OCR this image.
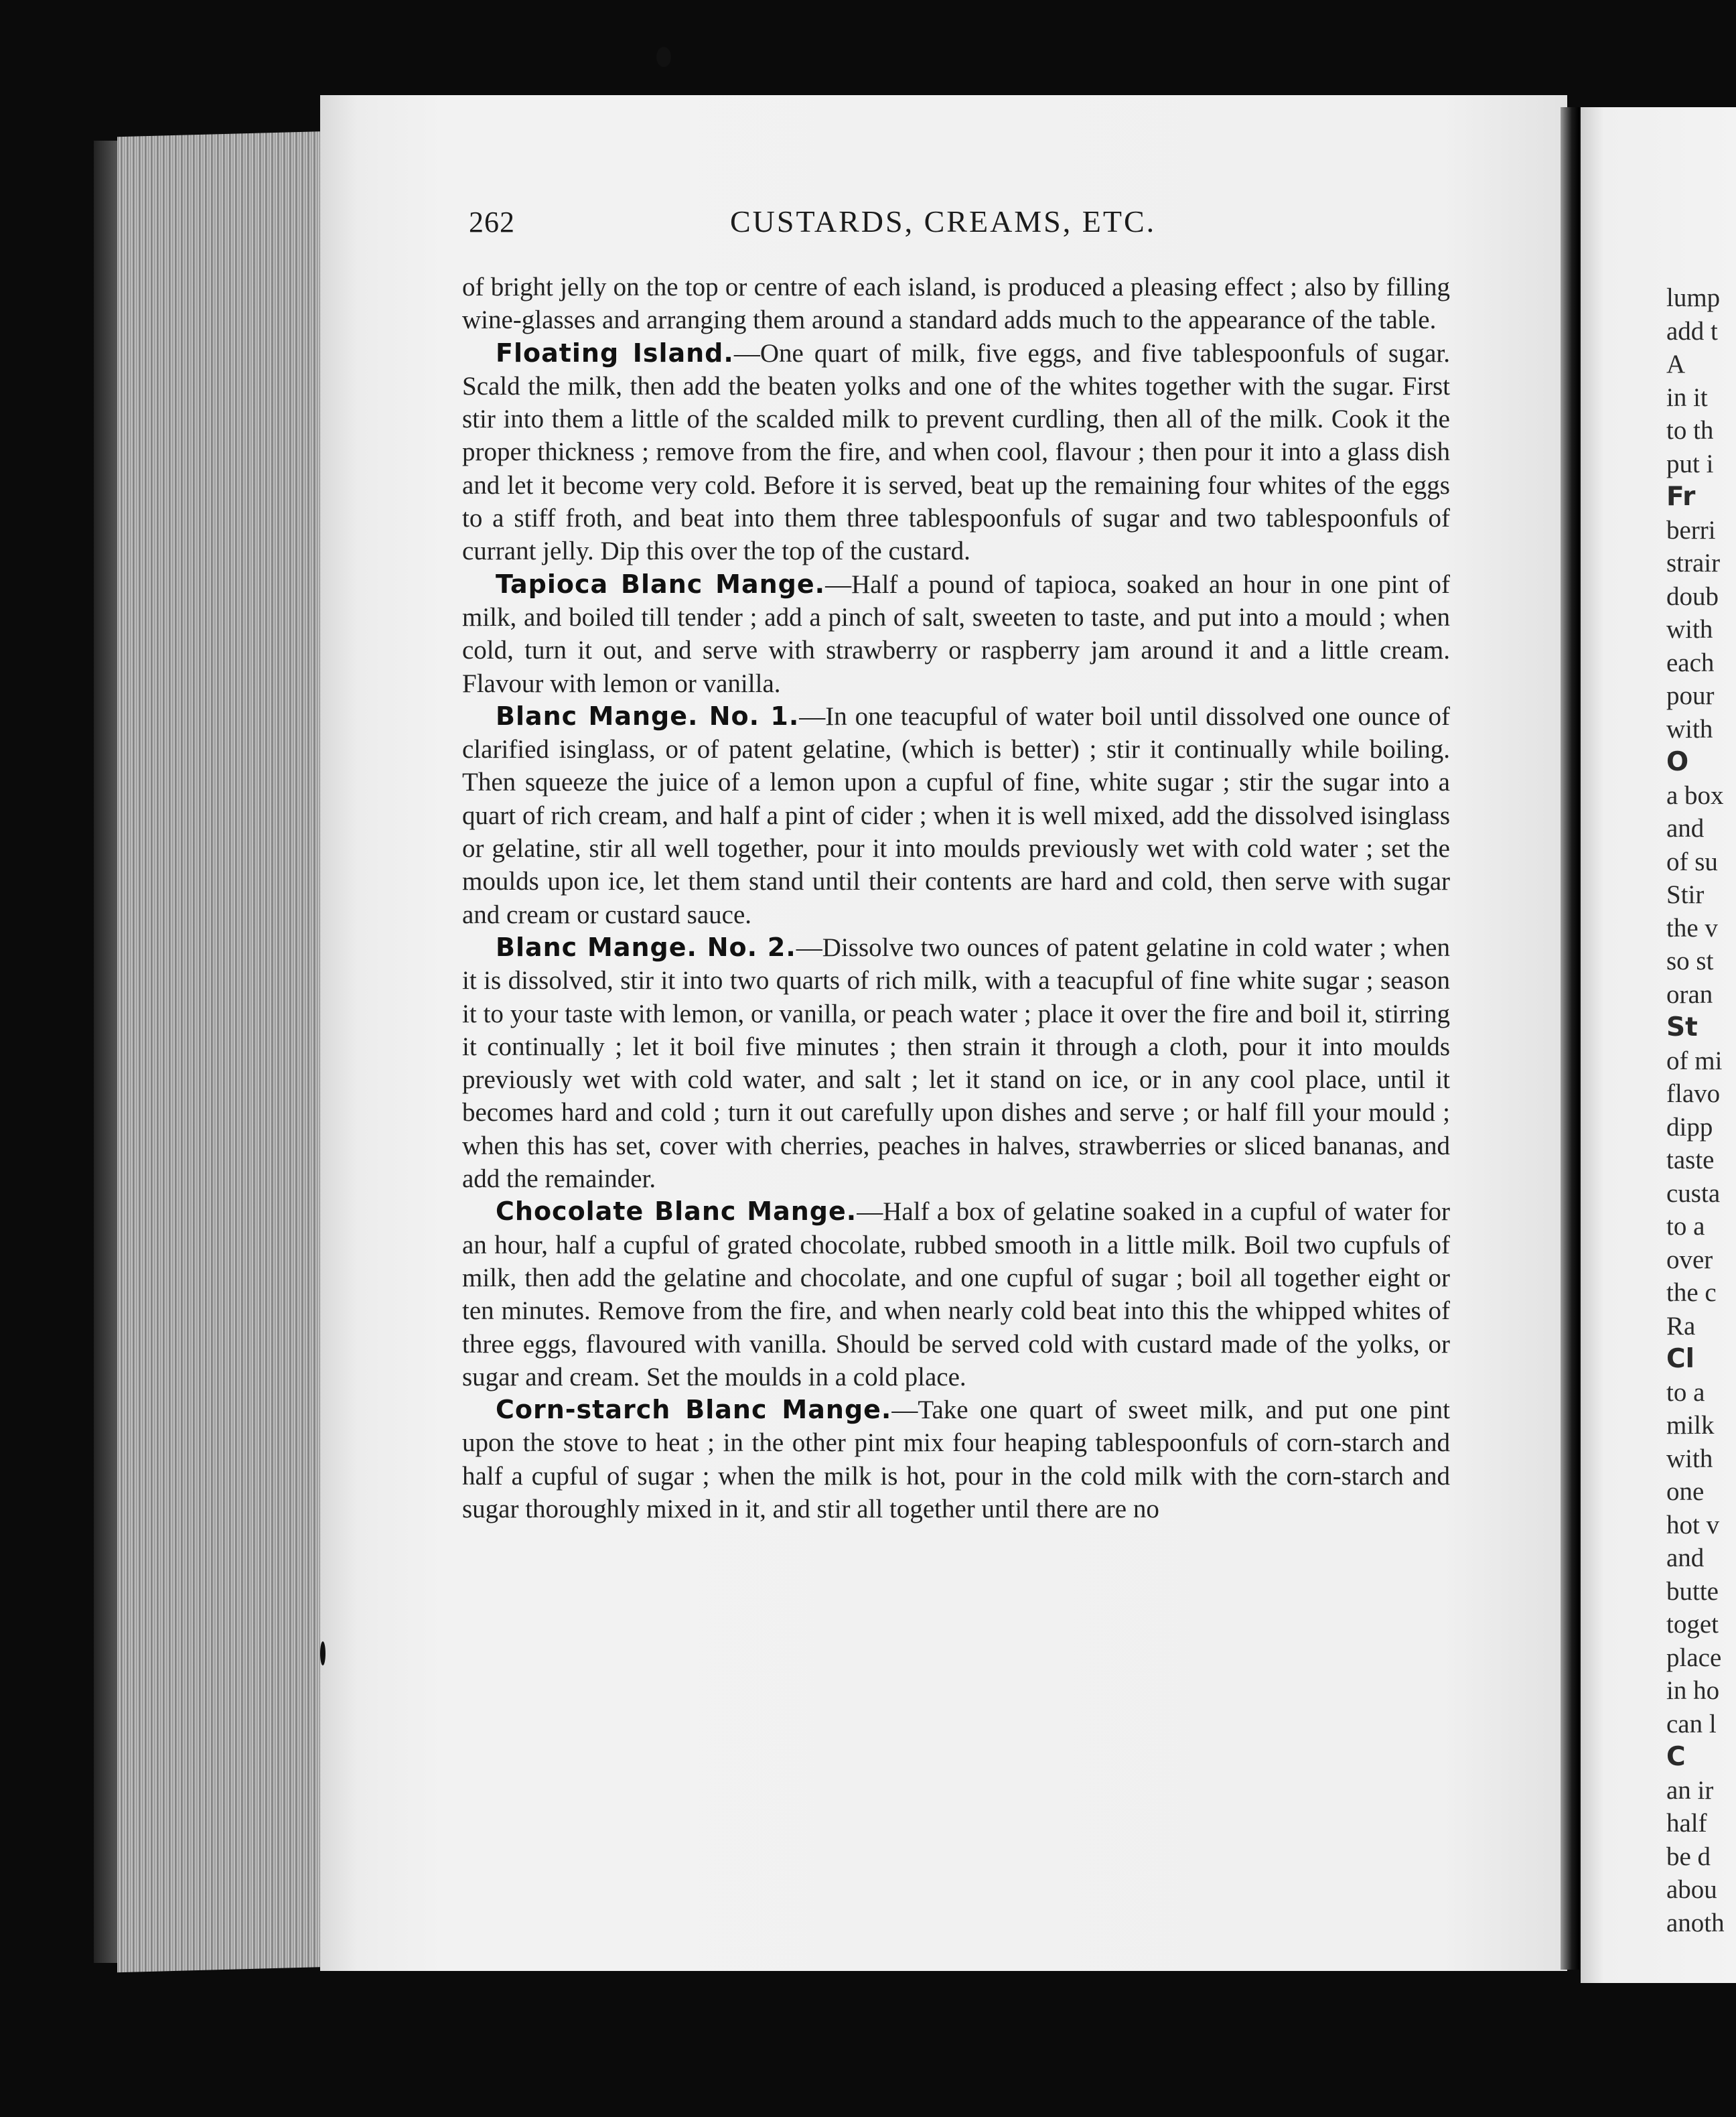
lump
add t
A
in it
to th
put i
Fr
berri
strair
doub
with
each
pour
with
O
a box
and
of su
Stir
the v
so st
oran
St
of mi
flavo
dipp
taste
custa
to a
over
the c
Ra
Cl
to a
milk
with
one
hot v
and
butte
toget
place
in ho
can l
C
an ir
half
be d
abou
anoth
262	CUSTARDS, CREAMS, ETC.

of bright jelly on the top or centre of each island, is produced a pleasing effect ; also by filling wine-glasses and arranging them around a standard adds much to the appearance of the table.

Floating Island.—One quart of milk, five eggs, and five tablespoonfuls of sugar. Scald the milk, then add the beaten yolks and one of the whites together with the sugar. First stir into them a little of the scalded milk to prevent curdling, then all of the milk. Cook it the proper thickness ; remove from the fire, and when cool, flavour ; then pour it into a glass dish and let it become very cold. Before it is served, beat up the remaining four whites of the eggs to a stiff froth, and beat into them three tablespoonfuls of sugar and two tablespoonfuls of currant jelly. Dip this over the top of the custard.

Tapioca Blanc Mange.—Half a pound of tapioca, soaked an hour in one pint of milk, and boiled till tender ; add a pinch of salt, sweeten to taste, and put into a mould ; when cold, turn it out, and serve with strawberry or raspberry jam around it and a little cream. Flavour with lemon or vanilla.

Blanc Mange. No. 1.—In one teacupful of water boil until dissolved one ounce of clarified isinglass, or of patent gelatine, (which is better) ; stir it continually while boiling. Then squeeze the juice of a lemon upon a cupful of fine, white sugar ; stir the sugar into a quart of rich cream, and half a pint of cider ; when it is well mixed, add the dissolved isinglass or gelatine, stir all well together, pour it into moulds previously wet with cold water ; set the moulds upon ice, let them stand until their contents are hard and cold, then serve with sugar and cream or custard sauce.

Blanc Mange. No. 2.—Dissolve two ounces of patent gelatine in cold water ; when it is dissolved, stir it into two quarts of rich milk, with a teacupful of fine white sugar ; season it to your taste with lemon, or vanilla, or peach water ; place it over the fire and boil it, stirring it continually ; let it boil five minutes ; then strain it through a cloth, pour it into moulds previously wet with cold water, and salt ; let it stand on ice, or in any cool place, until it becomes hard and cold ; turn it out carefully upon dishes and serve ; or half fill your mould ; when this has set, cover with cherries, peaches in halves, strawberries or sliced bananas, and add the remainder.

Chocolate Blanc Mange.—Half a box of gelatine soaked in a cupful of water for an hour, half a cupful of grated chocolate, rubbed smooth in a little milk. Boil two cupfuls of milk, then add the gelatine and chocolate, and one cupful of sugar ; boil all together eight or ten minutes. Remove from the fire, and when nearly cold beat into this the whipped whites of three eggs, flavoured with vanilla. Should be served cold with custard made of the yolks, or sugar and cream. Set the moulds in a cold place.

Corn-starch Blanc Mange.—Take one quart of sweet milk, and put one pint upon the stove to heat ; in the other pint mix four heaping tablespoonfuls of corn-starch and half a cupful of sugar ; when the milk is hot, pour in the cold milk with the corn-starch and sugar thoroughly mixed in it, and stir all together until there are no
